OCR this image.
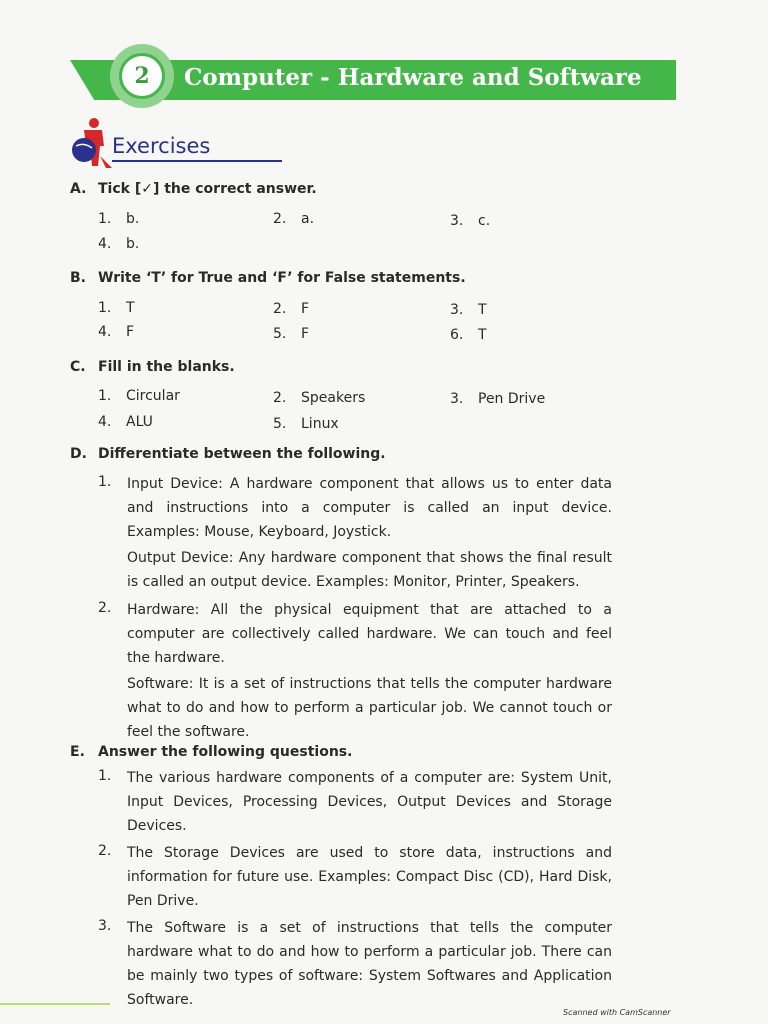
2	Computer - Hardware and Software
Exercises
A. Tick [✓] the correct answer.
1. b.	2. a.	3. c.
4. b.
B. Write ‘T’ for True and ‘F’ for False statements.
1. T	2. F	3. T
4. F	5. F	6. T
C. Fill in the blanks.
1. Circular	2. Speakers	3. Pen Drive
4. ALU	5. Linux
D. Differentiate between the following.
1. Input Device: A hardware component that allows us to enter data and instructions into a computer is called an input device. Examples: Mouse, Keyboard, Joystick.
Output Device: Any hardware component that shows the final result is called an output device. Examples: Monitor, Printer, Speakers.
2. Hardware: All the physical equipment that are attached to a computer are collectively called hardware. We can touch and feel the hardware.
Software: It is a set of instructions that tells the computer hardware what to do and how to perform a particular job. We cannot touch or feel the software.
E. Answer the following questions.
1. The various hardware components of a computer are: System Unit, Input Devices, Processing Devices, Output Devices and Storage Devices.
2. The Storage Devices are used to store data, instructions and information for future use. Examples: Compact Disc (CD), Hard Disk, Pen Drive.
3. The Software is a set of instructions that tells the computer hardware what to do and how to perform a particular job. There can be mainly two types of software: System Softwares and Application Software.
Scanned with CamScanner
